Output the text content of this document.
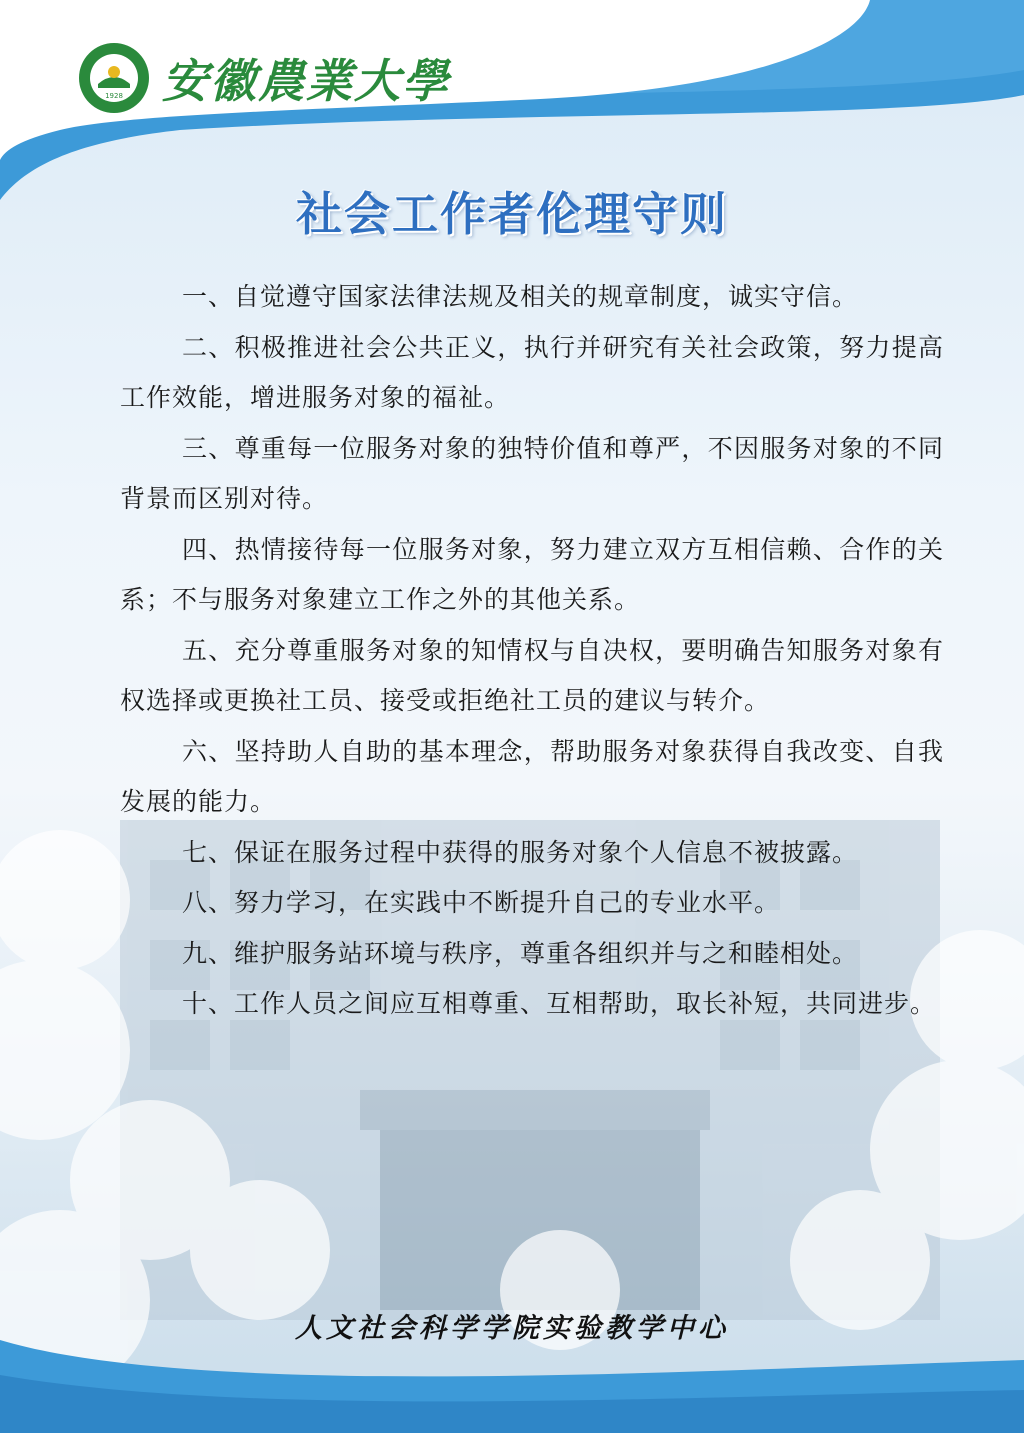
1928 安徽農業大學
社会工作者伦理守则

一、自觉遵守国家法律法规及相关的规章制度，诚实守信。

二、积极推进社会公共正义，执行并研究有关社会政策，努力提高工作效能，增进服务对象的福祉。

三、尊重每一位服务对象的独特价值和尊严，不因服务对象的不同背景而区别对待。

四、热情接待每一位服务对象，努力建立双方互相信赖、合作的关系；不与服务对象建立工作之外的其他关系。

五、充分尊重服务对象的知情权与自决权，要明确告知服务对象有权选择或更换社工员、接受或拒绝社工员的建议与转介。

六、坚持助人自助的基本理念，帮助服务对象获得自我改变、自我发展的能力。

七、保证在服务过程中获得的服务对象个人信息不被披露。

八、努力学习，在实践中不断提升自己的专业水平。

九、维护服务站环境与秩序，尊重各组织并与之和睦相处。

十、工作人员之间应互相尊重、互相帮助，取长补短，共同进步。

人文社会科学学院实验教学中心
